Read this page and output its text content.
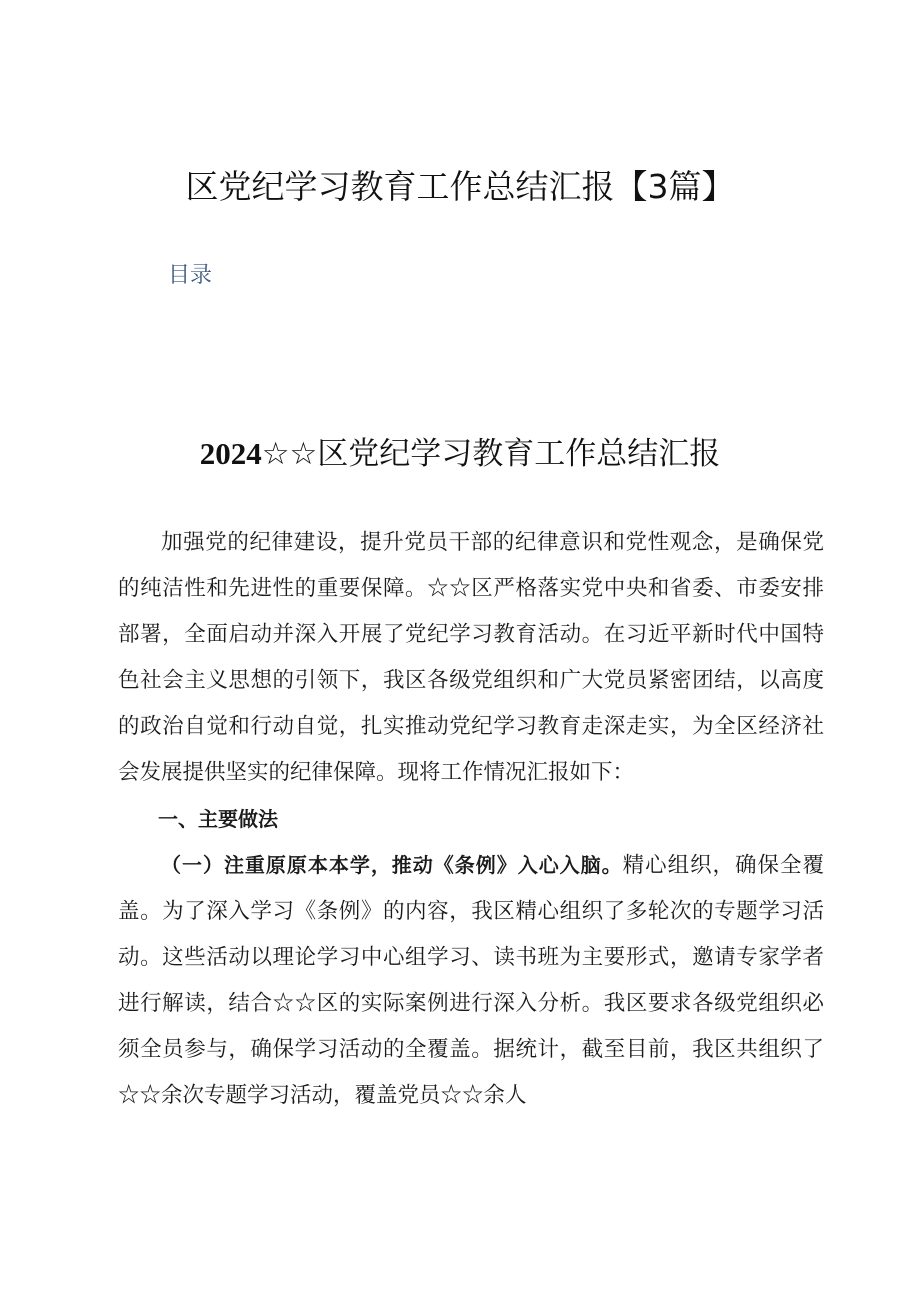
区党纪学习教育工作总结汇报【3篇】
目录
2024☆☆区党纪学习教育工作总结汇报

加强党的纪律建设，提升党员干部的纪律意识和党性观念，是确保党的纯洁性和先进性的重要保障。☆☆区严格落实党中央和省委、市委安排部署，全面启动并深入开展了党纪学习教育活动。在习近平新时代中国特色社会主义思想的引领下，我区各级党组织和广大党员紧密团结，以高度的政治自觉和行动自觉，扎实推动党纪学习教育走深走实，为全区经济社会发展提供坚实的纪律保障。现将工作情况汇报如下：

一、主要做法

（一）注重原原本本学，推动《条例》入心入脑。精心组织，确保全覆盖。为了深入学习《条例》的内容，我区精心组织了多轮次的专题学习活动。这些活动以理论学习中心组学习、读书班为主要形式，邀请专家学者进行解读，结合☆☆区的实际案例进行深入分析。我区要求各级党组织必须全员参与，确保学习活动的全覆盖。据统计，截至目前，我区共组织了☆☆余次专题学习活动，覆盖党员☆☆余人
